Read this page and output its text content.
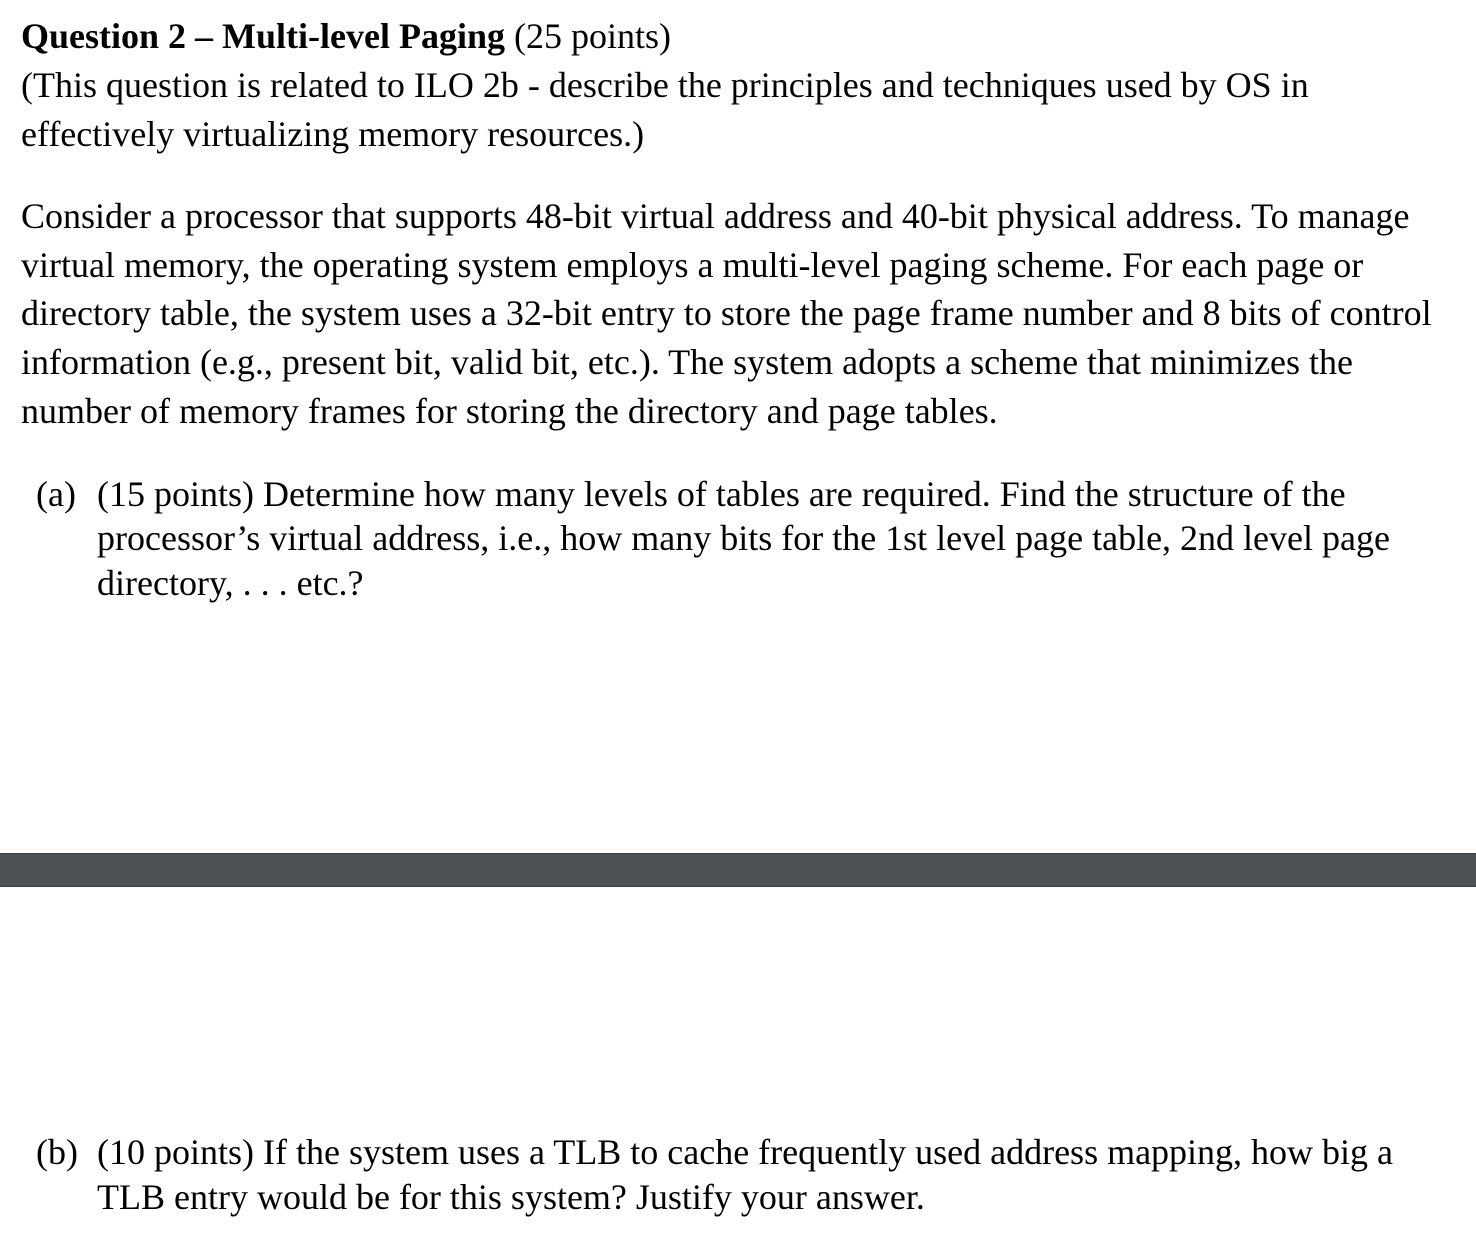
Question 2 – Multi-level Paging (25 points)
(This question is related to ILO 2b - describe the principles and techniques used by OS in
effectively virtualizing memory resources.)
Consider a processor that supports 48-bit virtual address and 40-bit physical address. To manage
virtual memory, the operating system employs a multi-level paging scheme. For each page or
directory table, the system uses a 32-bit entry to store the page frame number and 8 bits of control
information (e.g., present bit, valid bit, etc.). The system adopts a scheme that minimizes the
number of memory frames for storing the directory and page tables.
(a) (15 points) Determine how many levels of tables are required. Find the structure of the
processor’s virtual address, i.e., how many bits for the 1st level page table, 2nd level page
directory, . . . etc.?
(b) (10 points) If the system uses a TLB to cache frequently used address mapping, how big a
TLB entry would be for this system? Justify your answer.
